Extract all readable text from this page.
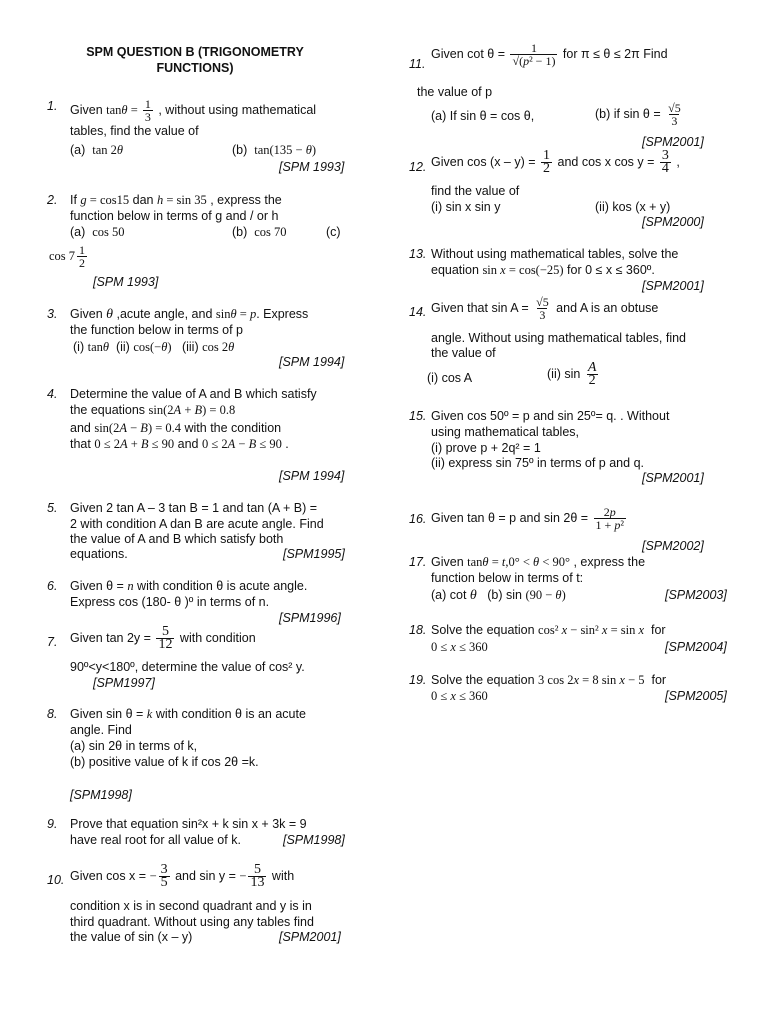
SPM QUESTION B (TRIGONOMETRY
FUNCTIONS)
1. Given $\tan\theta = \frac{1}{3}$ , without using mathematical
tables, find the value of
(a) tan 2θ	(b) tan(135 − θ)
[SPM 1993]
2. If g = cos15 dan h = sin 35 , express the
function below in terms of g and / or h
(a) cos 50	(b) cos 70	(c)
$\cos 7 \frac{1}{2}$
[SPM 1993]
3. Given θ ,acute angle, and sinθ = p. Express
the function below in terms of p
(i) tanθ (ii) cos(−θ) (iii) cos 2θ
[SPM 1994]
4. Determine the value of A and B which satisfy
the equations sin(2A + B) = 0.8
and sin(2A − B) = 0.4 with the condition
that 0 ≤ 2A + B ≤ 90 and 0 ≤ 2A − B ≤ 90 .
[SPM 1994]
5. Given 2 tan A – 3 tan B = 1 and tan (A + B) =
2 with condition A dan B are acute angle. Find
the value of A and B which satisfy both
equations.	[SPM1995]
6. Given θ = n with condition θ is acute angle.
Express cos (180- θ )º in terms of n.
[SPM1996]
7. Given $\tan 2y = \frac{5}{12}$ with condition
90º<y<180º, determine the value of cos² y.
[SPM1997]
8. Given sin θ = k with condition θ is an acute
angle. Find
(a) sin 2θ in terms of k,
(b) positive value of k if cos 2θ =k.
[SPM1998]
9. Prove that equation sin²x + k sin x + 3k = 9
have real root for all value of k.	[SPM1998]
10. Given cos x = − $\frac{3}{5}$ and sin y = − $\frac{5}{13}$ with
condition x is in second quadrant and y is in
third quadrant. Without using any tables find
the value of sin (x – y)	[SPM2001]
11.
Given $\cot \theta = \frac{1}{\text{√(p² − 1)}}$ for π ≤ θ ≤ 2π Find
the value of p
(a) If sin θ = cos θ,	(b) if $\sin \theta = \frac{√5}{3}$
[SPM2001]
12. Given $\cos (x - y) = \frac{1}{2}$ and cos x $\cos y = \frac{3}{4}$ ,
find the value of
(i) sin x sin y	(ii) kos (x + y)
[SPM2000]
13. Without using mathematical tables, solve the
equation sin x = cos(−25) for 0 ≤ x ≤ 360º.
[SPM2001]
14. Given that $\sin A = \frac{√5}{3}$ and A is an obtuse
angle. Without using mathematical tables, find
the value of
(i) cos A	(ii) $\sin \frac{A}{2}$
15. Given cos 50º = p and sin 25º= q. . Without
using mathematical tables,
(i) prove p + 2q² = 1
(ii) express sin 75º in terms of p and q.
[SPM2001]
16. Given tan θ = p and $\sin 2\theta = \frac{2p}{\text{1 + p²}}$
[SPM2002]
17. Given tanθ = t,0° < θ < 90° , express the
function below in terms of t:
(a) cot θ (b) sin (90 − θ)	[SPM2003]
18. Solve the equation cos² x − sin² x = sin x  for
0 ≤ x ≤ 360	[SPM2004]
19. Solve the equation 3 cos 2x = 8 sin x − 5  for
0 ≤ x ≤ 360	[SPM2005]
